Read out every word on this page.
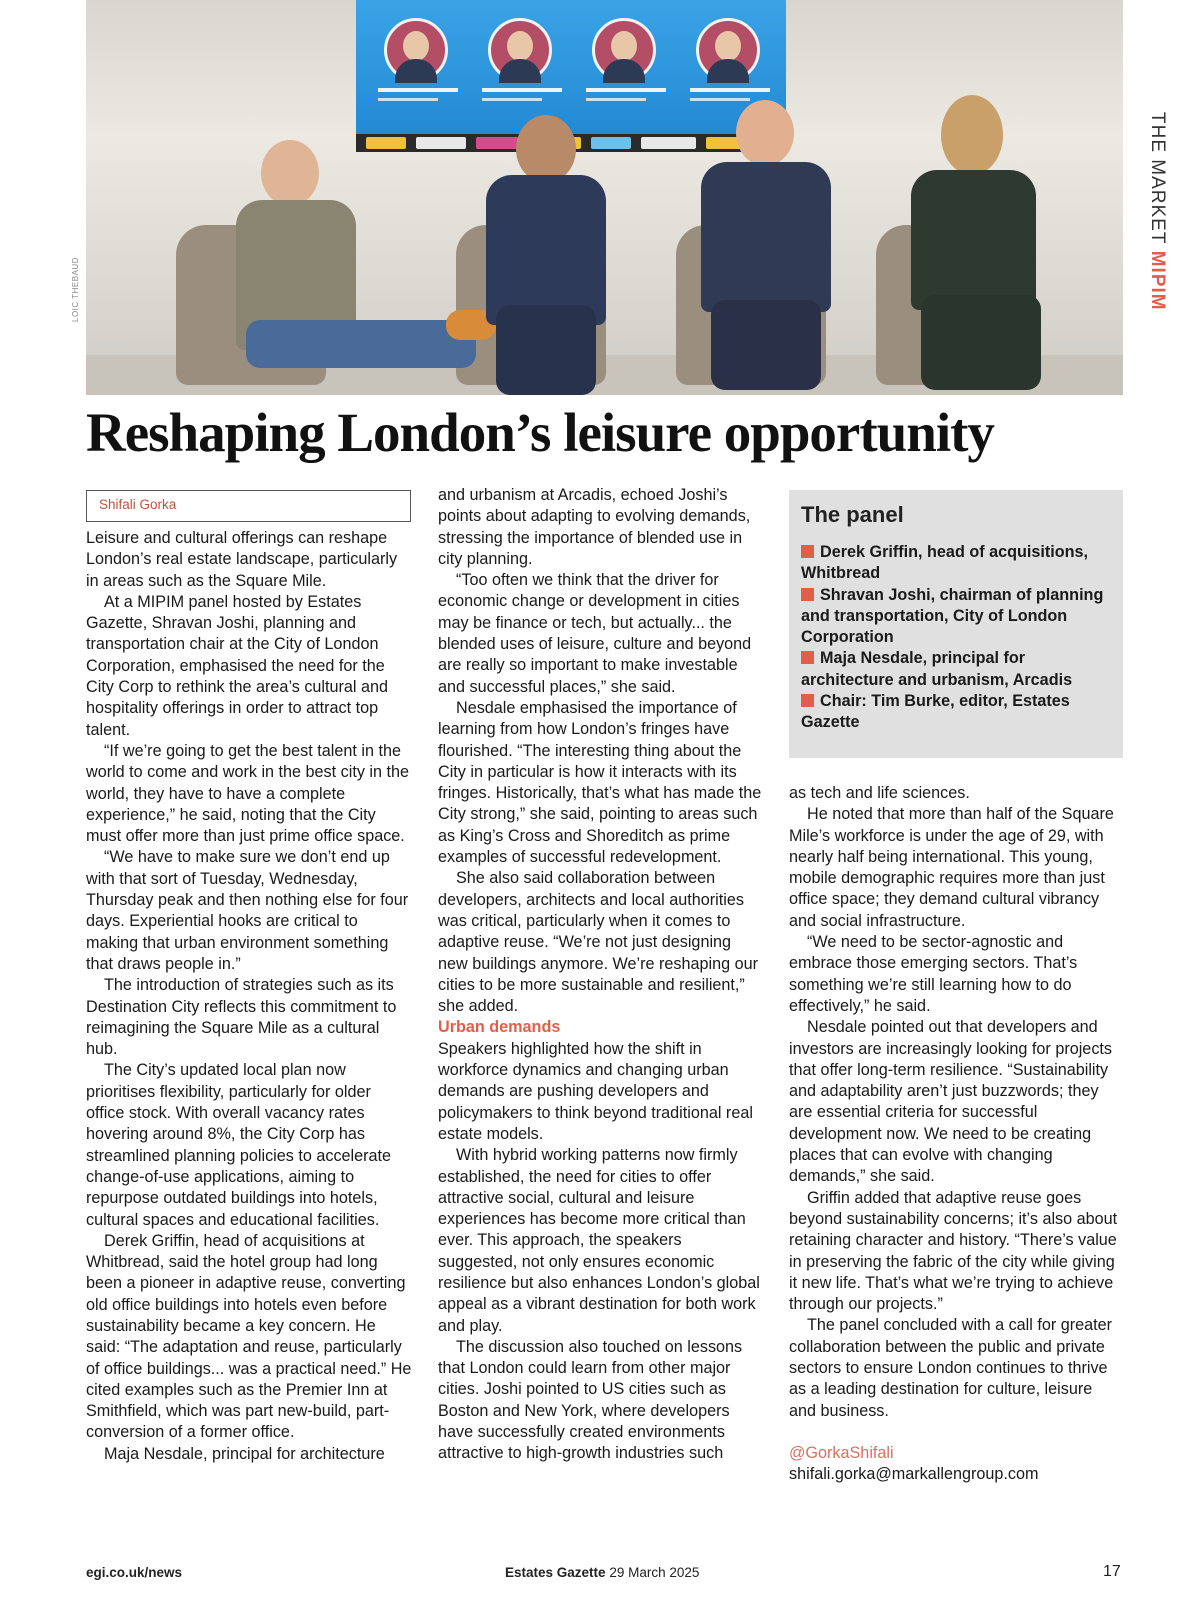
LOIC THEBAUD
THE MARKET MIPIM
Reshaping London’s leisure opportunity
Shifali Gorka

Leisure and cultural offerings can reshape London’s real estate landscape, particularly in areas such as the Square Mile.

At a MIPIM panel hosted by Estates Gazette, Shravan Joshi, planning and transportation chair at the City of London Corporation, emphasised the need for the City Corp to rethink the area’s cultural and hospitality offerings in order to attract top talent.

“If we’re going to get the best talent in the world to come and work in the best city in the world, they have to have a complete experience,” he said, noting that the City must offer more than just prime office space.

“We have to make sure we don’t end up with that sort of Tuesday, Wednesday, Thursday peak and then nothing else for four days. Experiential hooks are critical to making that urban environment something that draws people in.”

The introduction of strategies such as its Destination City reflects this commitment to reimagining the Square Mile as a cultural hub.

The City’s updated local plan now prioritises flexibility, particularly for older office stock. With overall vacancy rates hovering around 8%, the City Corp has streamlined planning policies to accelerate change-of-use applications, aiming to repurpose outdated buildings into hotels, cultural spaces and educational facilities.

Derek Griffin, head of acquisitions at Whitbread, said the hotel group had long been a pioneer in adaptive reuse, converting old office buildings into hotels even before sustainability became a key concern. He said: “The adaptation and reuse, particularly of office buildings... was a practical need.” He cited examples such as the Premier Inn at Smithfield, which was part new-build, part-conversion of a former office.

Maja Nesdale, principal for architecture

and urbanism at Arcadis, echoed Joshi’s points about adapting to evolving demands, stressing the importance of blended use in city planning.

“Too often we think that the driver for economic change or development in cities may be finance or tech, but actually... the blended uses of leisure, culture and beyond are really so important to make investable and successful places,” she said.

Nesdale emphasised the importance of learning from how London’s fringes have flourished. “The interesting thing about the City in particular is how it interacts with its fringes. Historically, that’s what has made the City strong,” she said, pointing to areas such as King’s Cross and Shoreditch as prime examples of successful redevelopment.

She also said collaboration between developers, architects and local authorities was critical, particularly when it comes to adaptive reuse. “We’re not just designing new buildings anymore. We’re reshaping our cities to be more sustainable and resilient,” she added.

Urban demands

Speakers highlighted how the shift in workforce dynamics and changing urban demands are pushing developers and policymakers to think beyond traditional real estate models.

With hybrid working patterns now firmly established, the need for cities to offer attractive social, cultural and leisure experiences has become more critical than ever. This approach, the speakers suggested, not only ensures economic resilience but also enhances London’s global appeal as a vibrant destination for both work and play.

The discussion also touched on lessons that London could learn from other major cities. Joshi pointed to US cities such as Boston and New York, where developers have successfully created environments attractive to high-growth industries such

The panel
Derek Griffin, head of acquisitions, Whitbread
Shravan Joshi, chairman of planning and transportation, City of London Corporation
Maja Nesdale, principal for architecture and urbanism, Arcadis
Chair: Tim Burke, editor, Estates Gazette

as tech and life sciences.

He noted that more than half of the Square Mile’s workforce is under the age of 29, with nearly half being international. This young, mobile demographic requires more than just office space; they demand cultural vibrancy and social infrastructure.

“We need to be sector-agnostic and embrace those emerging sectors. That’s something we’re still learning how to do effectively,” he said.

Nesdale pointed out that developers and investors are increasingly looking for projects that offer long-term resilience. “Sustainability and adaptability aren’t just buzzwords; they are essential criteria for successful development now. We need to be creating places that can evolve with changing demands,” she said.

Griffin added that adaptive reuse goes beyond sustainability concerns; it’s also about retaining character and history. “There’s value in preserving the fabric of the city while giving it new life. That’s what we’re trying to achieve through our projects.”

The panel concluded with a call for greater collaboration between the public and private sectors to ensure London continues to thrive as a leading destination for culture, leisure and business.

@GorkaShifali

shifali.gorka@markallengroup.com

egi.co.uk/news	Estates Gazette 29 March 2025	17
